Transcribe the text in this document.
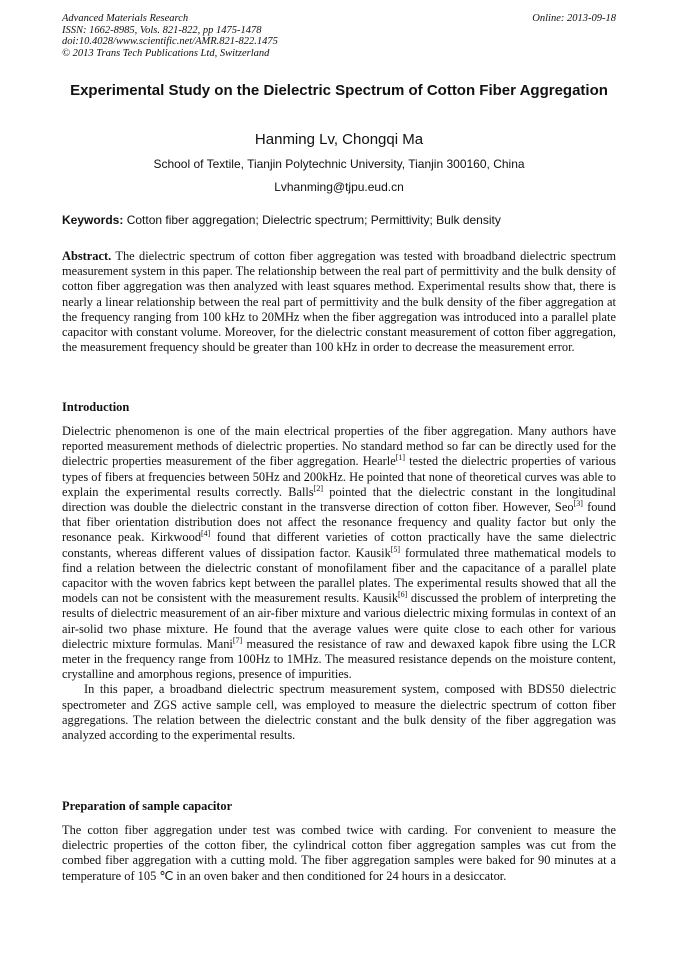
Advanced Materials Research
ISSN: 1662-8985, Vols. 821-822, pp 1475-1478
doi:10.4028/www.scientific.net/AMR.821-822.1475
© 2013 Trans Tech Publications Ltd, Switzerland
Online: 2013-09-18
Experimental Study on the Dielectric Spectrum of Cotton Fiber Aggregation
Hanming Lv, Chongqi Ma
School of Textile, Tianjin Polytechnic University, Tianjin 300160, China
Lvhanming@tjpu.eud.cn
Keywords: Cotton fiber aggregation; Dielectric spectrum; Permittivity; Bulk density

Abstract. The dielectric spectrum of cotton fiber aggregation was tested with broadband dielectric spectrum measurement system in this paper. The relationship between the real part of permittivity and the bulk density of cotton fiber aggregation was then analyzed with least squares method. Experimental results show that, there is nearly a linear relationship between the real part of permittivity and the bulk density of the fiber aggregation at the frequency ranging from 100 kHz to 20MHz when the fiber aggregation was introduced into a parallel plate capacitor with constant volume. Moreover, for the dielectric constant measurement of cotton fiber aggregation, the measurement frequency should be greater than 100 kHz in order to decrease the measurement error.

Introduction

Dielectric phenomenon is one of the main electrical properties of the fiber aggregation. Many authors have reported measurement methods of dielectric properties. No standard method so far can be directly used for the dielectric properties measurement of the fiber aggregation. Hearle[1] tested the dielectric properties of various types of fibers at frequencies between 50Hz and 200kHz. He pointed that none of theoretical curves was able to explain the experimental results correctly. Balls[2] pointed that the dielectric constant in the longitudinal direction was double the dielectric constant in the transverse direction of cotton fiber. However, Seo[3] found that fiber orientation distribution does not affect the resonance frequency and quality factor but only the resonance peak. Kirkwood[4] found that different varieties of cotton practically have the same dielectric constants, whereas different values of dissipation factor. Kausik[5] formulated three mathematical models to find a relation between the dielectric constant of monofilament fiber and the capacitance of a parallel plate capacitor with the woven fabrics kept between the parallel plates. The experimental results showed that all the models can not be consistent with the measurement results. Kausik[6] discussed the problem of interpreting the results of dielectric measurement of an air-fiber mixture and various dielectric mixing formulas in context of an air-solid two phase mixture. He found that the average values were quite close to each other for various dielectric mixture formulas. Mani[7] measured the resistance of raw and dewaxed kapok fibre using the LCR meter in the frequency range from 100Hz to 1MHz. The measured resistance depends on the moisture content, crystalline and amorphous regions, presence of impurities.

In this paper, a broadband dielectric spectrum measurement system, composed with BDS50 dielectric spectrometer and ZGS active sample cell, was employed to measure the dielectric spectrum of cotton fiber aggregations. The relation between the dielectric constant and the bulk density of the fiber aggregation was analyzed according to the experimental results.

Preparation of sample capacitor

The cotton fiber aggregation under test was combed twice with carding. For convenient to measure the dielectric properties of the cotton fiber, the cylindrical cotton fiber aggregation samples was cut from the combed fiber aggregation with a cutting mold. The fiber aggregation samples were baked for 90 minutes at a temperature of 105 ℃ in an oven baker and then conditioned for 24 hours in a desiccator.
